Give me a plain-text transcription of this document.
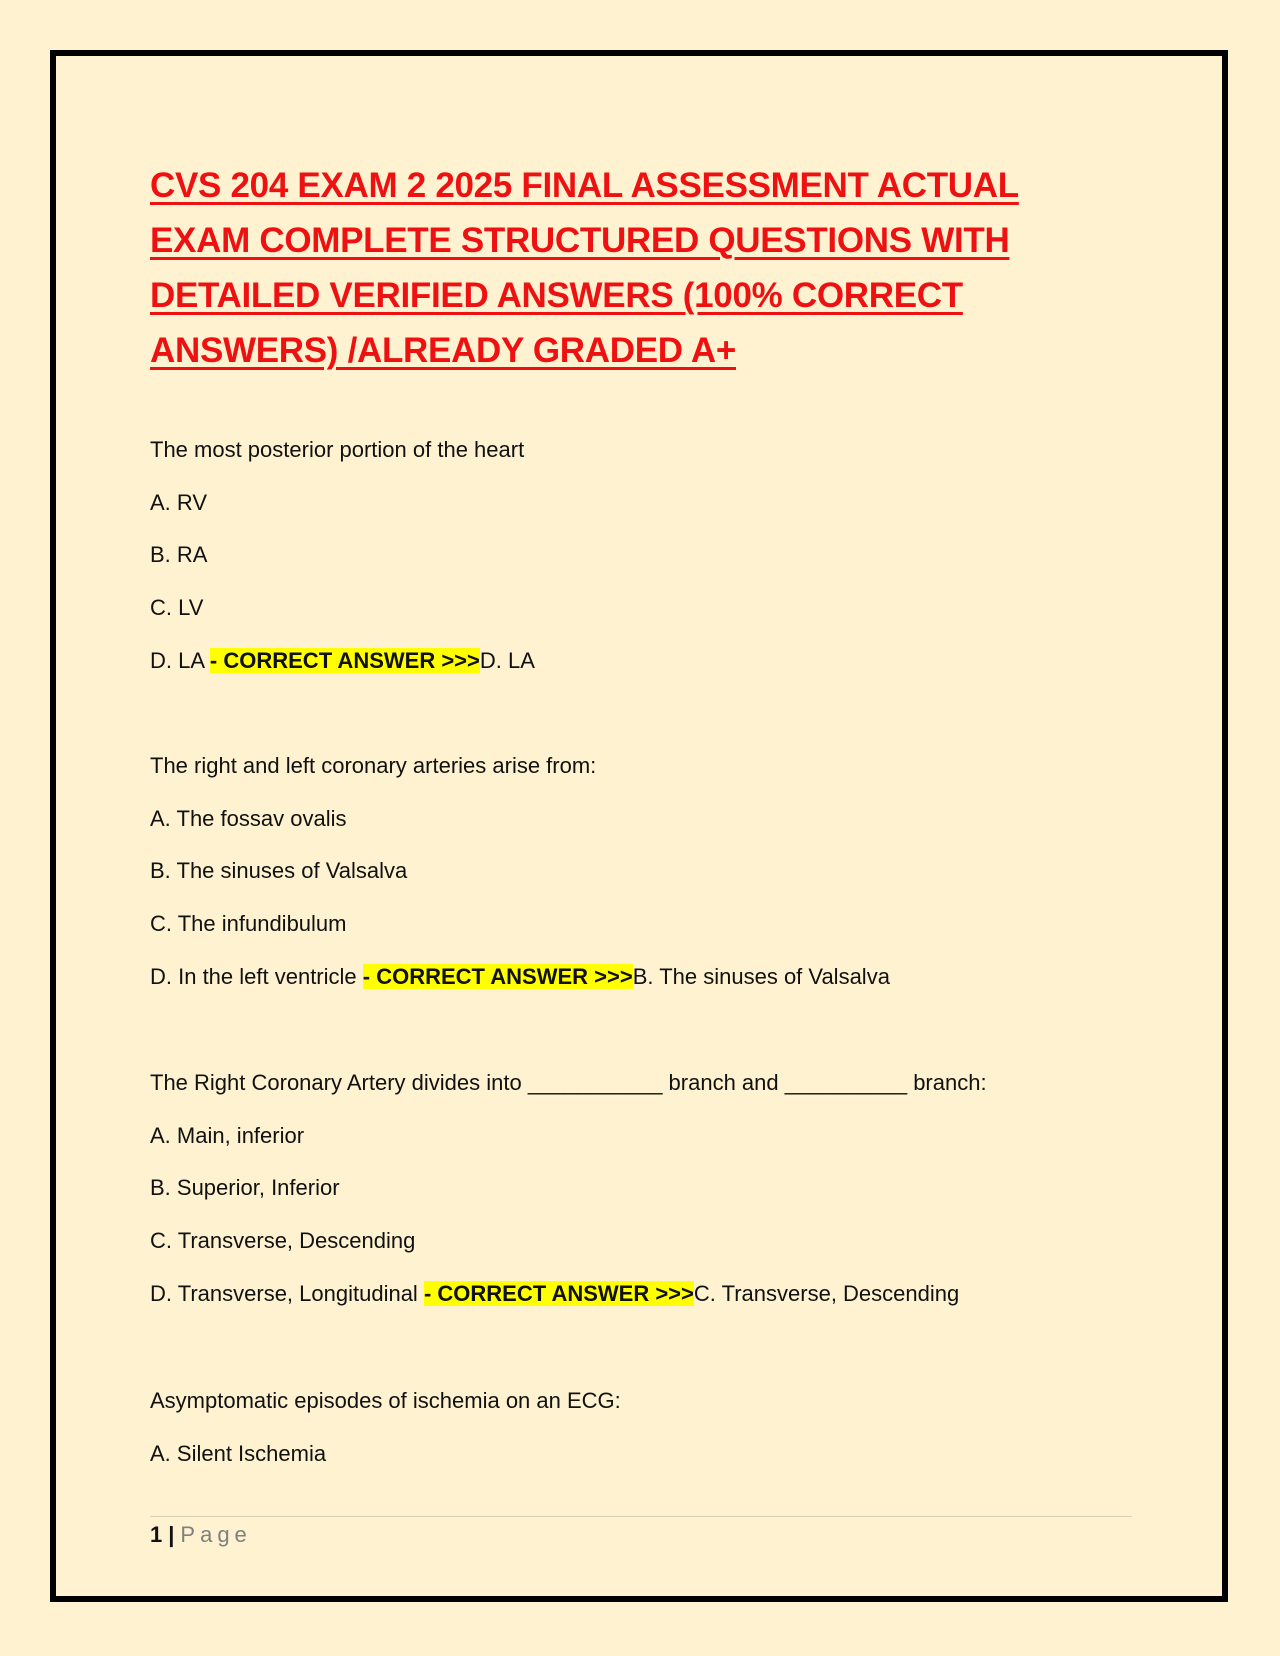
CVS 204 EXAM 2 2025 FINAL ASSESSMENT ACTUAL
EXAM COMPLETE STRUCTURED QUESTIONS WITH
DETAILED VERIFIED ANSWERS (100% CORRECT
ANSWERS) /ALREADY GRADED A+
The most posterior portion of the heart
A. RV
B. RA
C. LV
D. LA - CORRECT ANSWER >>>D. LA
The right and left coronary arteries arise from:
A. The fossav ovalis
B. The sinuses of Valsalva
C. The infundibulum
D. In the left ventricle - CORRECT ANSWER >>>B. The sinuses of Valsalva
The Right Coronary Artery divides into ___________ branch and __________ branch:
A. Main, inferior
B. Superior, Inferior
C. Transverse, Descending
D. Transverse, Longitudinal - CORRECT ANSWER >>>C. Transverse, Descending
Asymptomatic episodes of ischemia on an ECG:
A. Silent Ischemia
1 | Page
